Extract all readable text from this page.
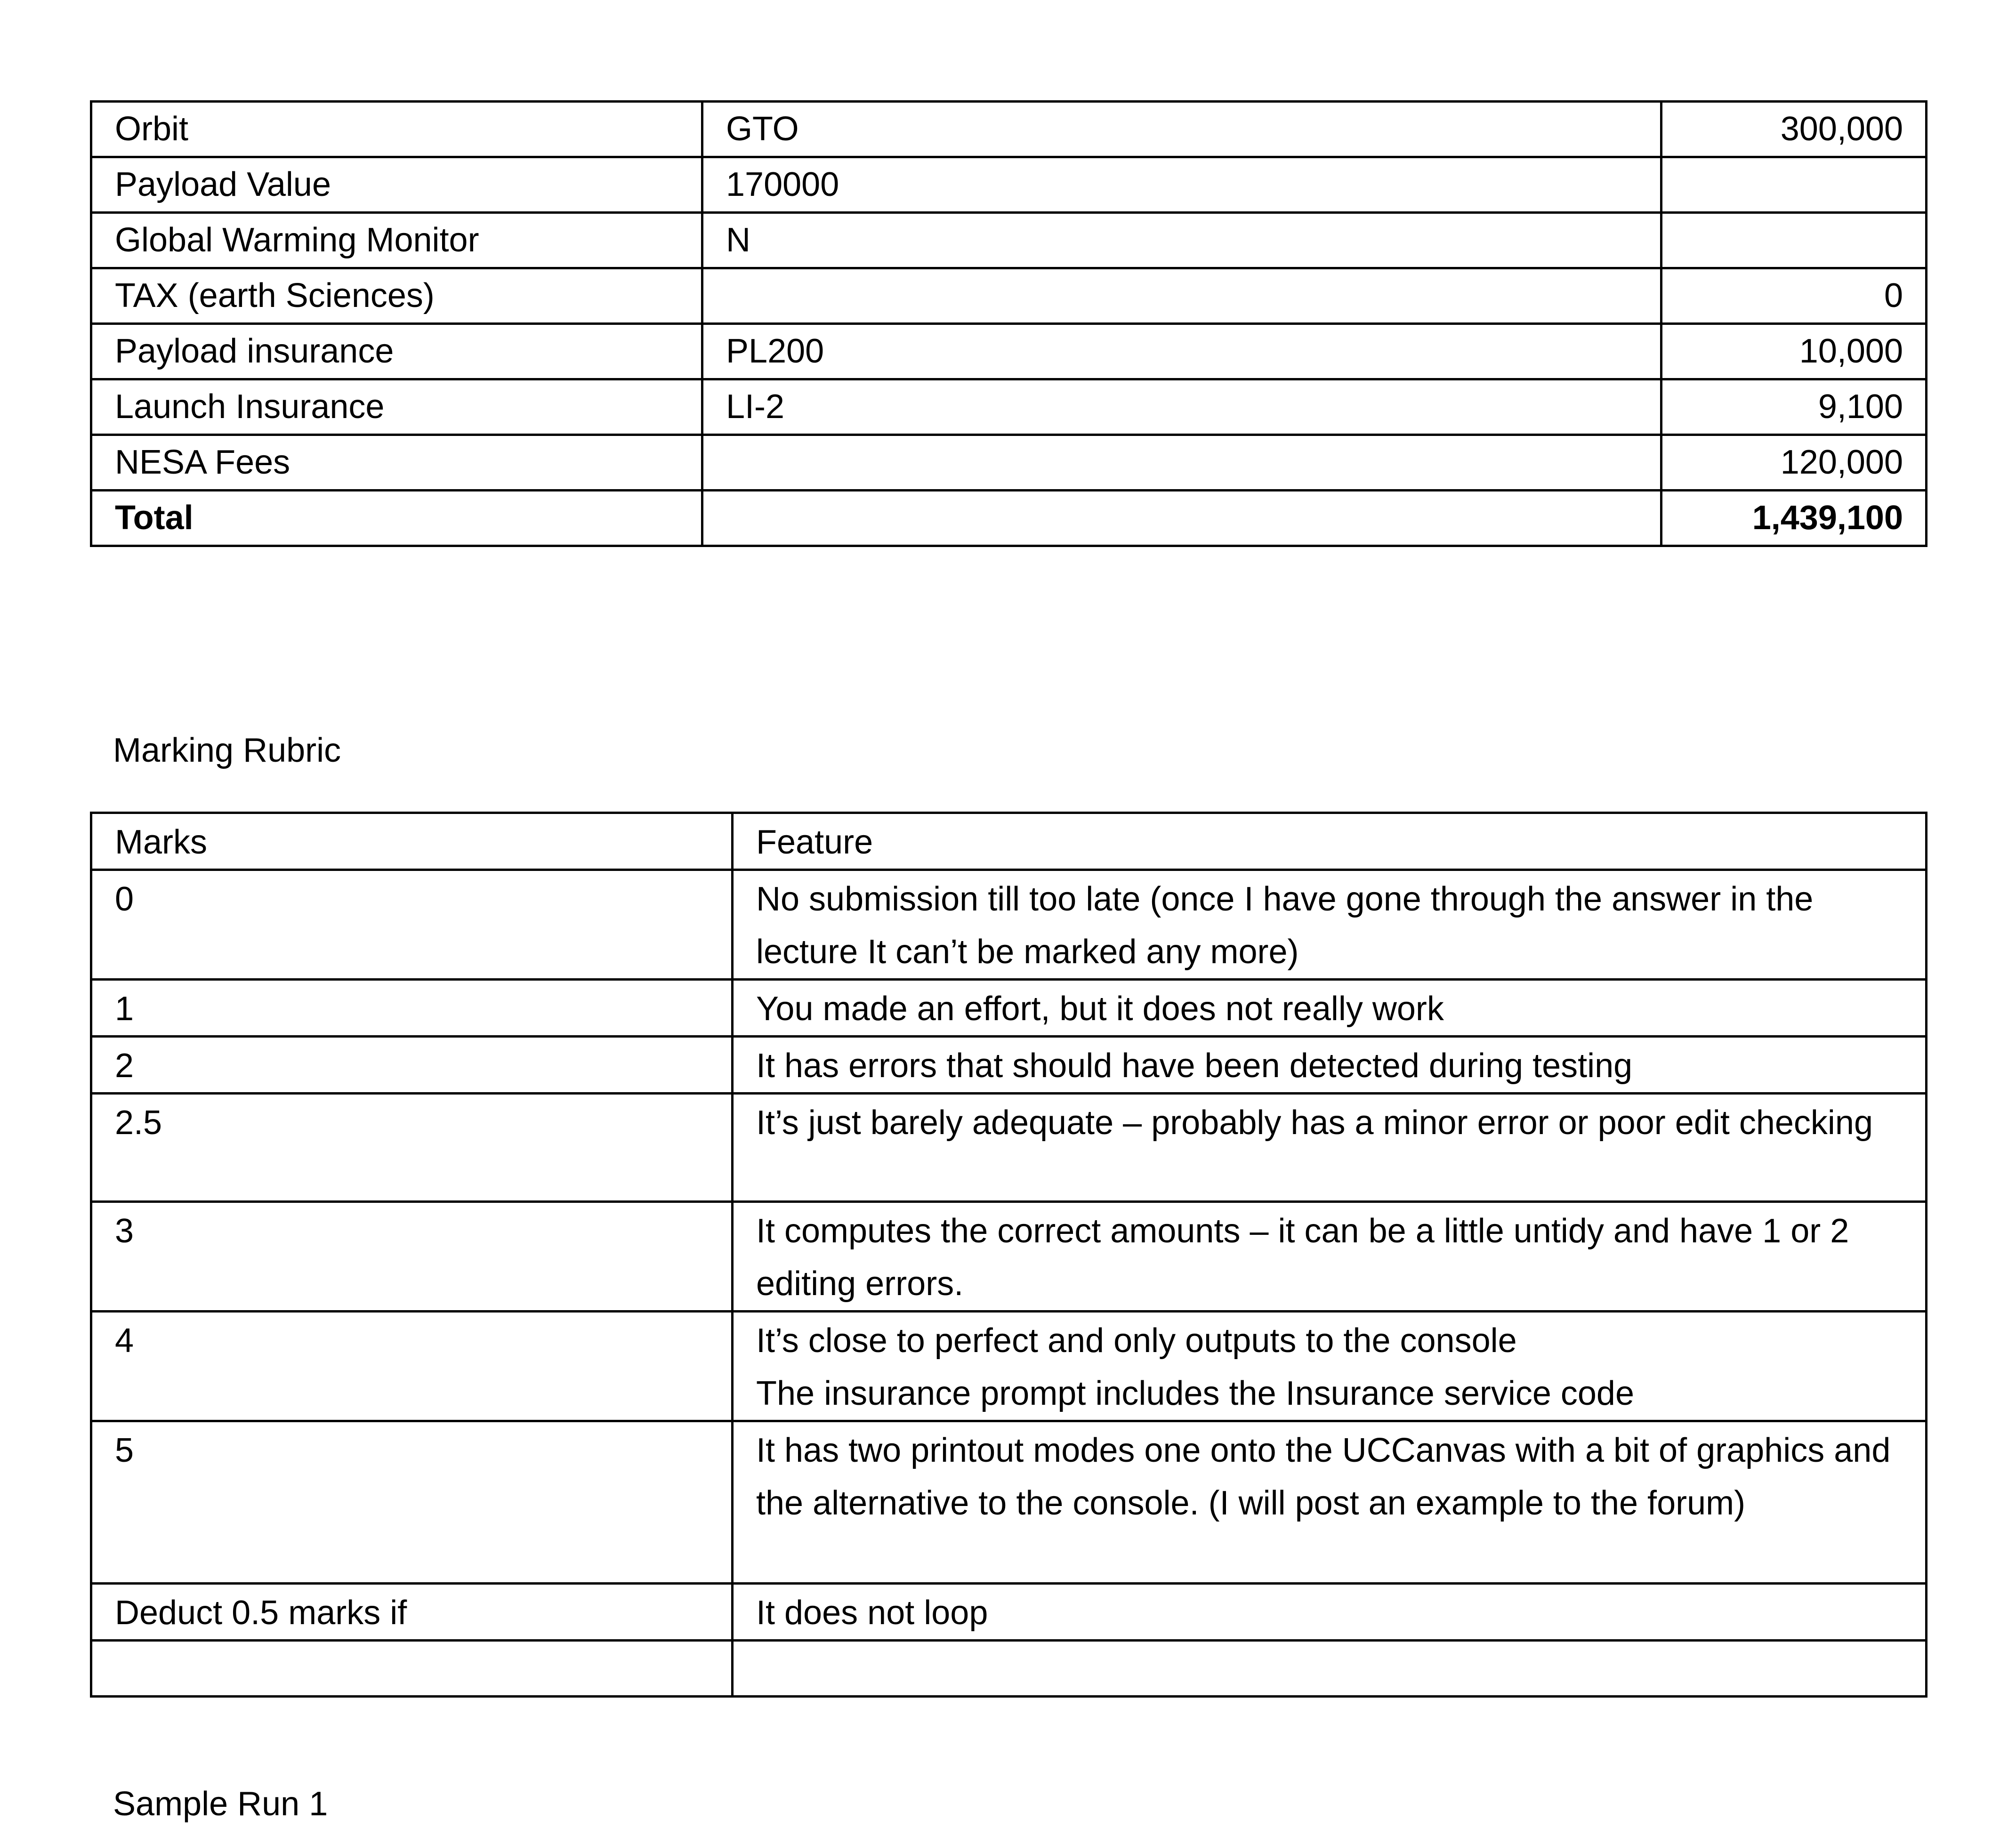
Orbit	GTO	300,000
Payload Value	170000	
Global Warming Monitor	N	
TAX (earth Sciences)		0
Payload insurance	PL200	10,000
Launch Insurance	LI-2	9,100
NESA Fees		120,000
Total		1,439,100
Marking Rubric
Marks	Feature
0	No submission till too late (once I have gone through the answer in the lecture It can’t be marked any more)

1	You made an effort, but it does not really work

2	It has errors that should have been detected during testing

2.5	It’s just barely adequate – probably has a minor error or poor edit checking

3	It computes the correct amounts – it can be a little untidy and have 1 or 2 editing errors.

4	It’s close to perfect and only outputs to the console
The insurance prompt includes the Insurance service code

5	It has two printout modes one onto the UCCanvas with a bit of graphics and the alternative to the console. (I will post an example to the forum)

Deduct 0.5 marks if	It does not loop

Sample Run 1
